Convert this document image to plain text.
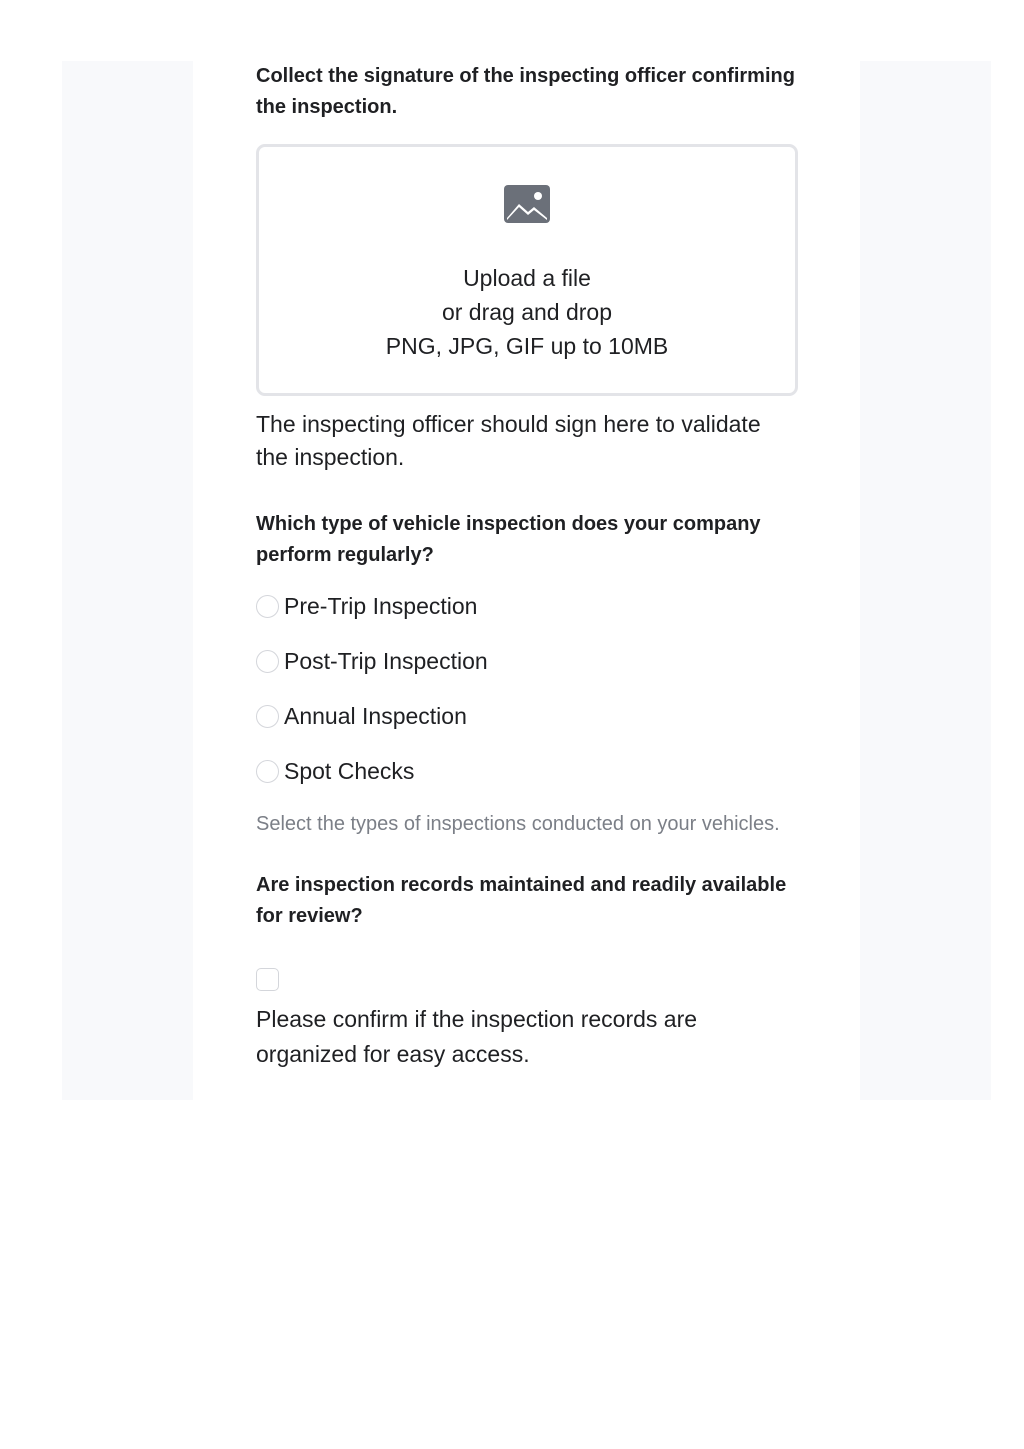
Collect the signature of the inspecting officer confirming the inspection.
Upload a file
or drag and drop
PNG, JPG, GIF up to 10MB
The inspecting officer should sign here to validate the inspection.
Which type of vehicle inspection does your company perform regularly?
Pre-Trip Inspection
Post-Trip Inspection
Annual Inspection
Spot Checks
Select the types of inspections conducted on your vehicles.
Are inspection records maintained and readily available for review?
Please confirm if the inspection records are organized for easy access.
